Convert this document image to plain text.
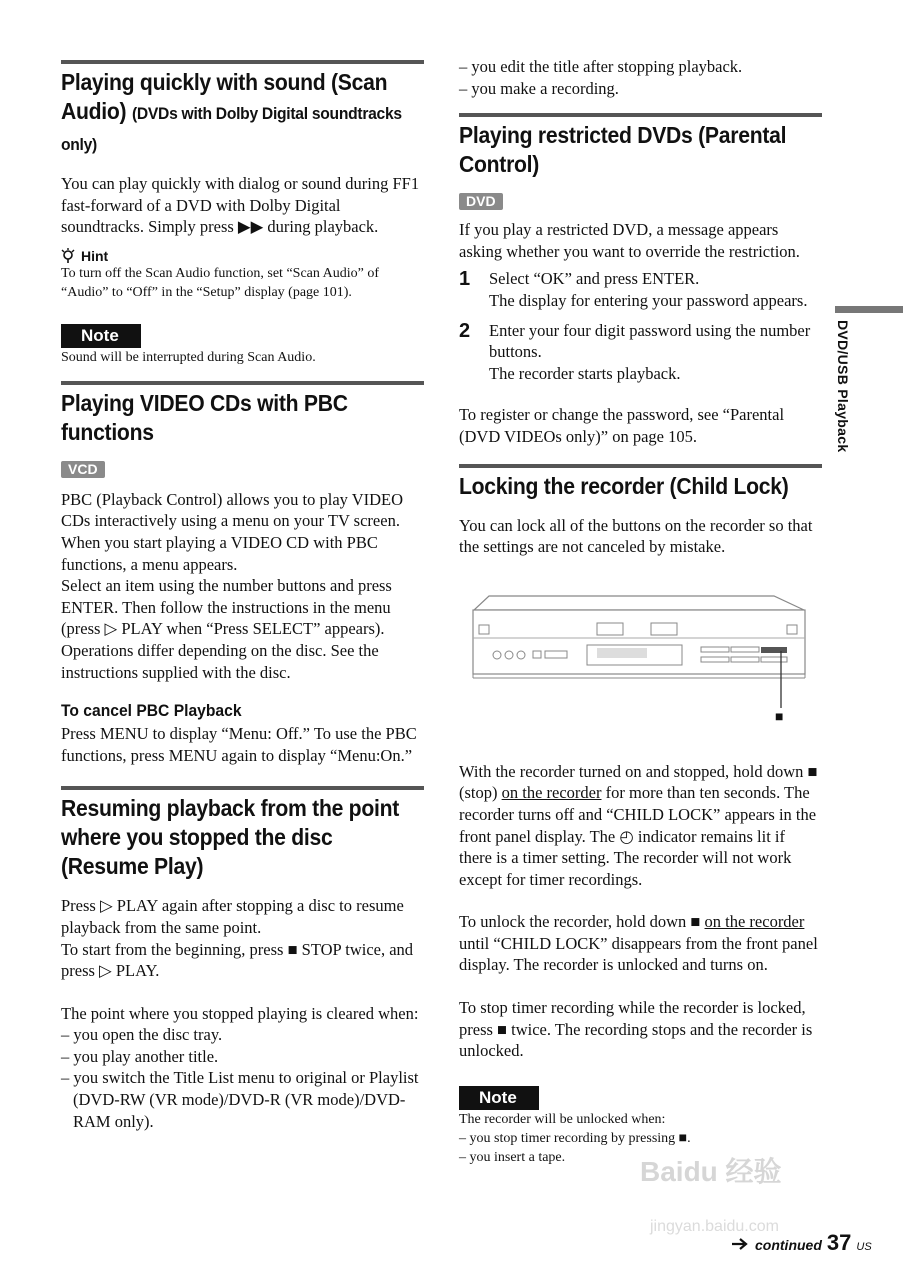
Playing quickly with sound (Scan Audio) (DVDs with Dolby Digital soundtracks only)

You can play quickly with dialog or sound during FF1 fast-forward of a DVD with Dolby Digital soundtracks. Simply press ▶▶ during playback.

Hint

To turn off the Scan Audio function, set “Scan Audio” of “Audio” to “Off” in the “Setup” display (page 101).

Note

Sound will be interrupted during Scan Audio.

Playing VIDEO CDs with PBC functions
VCD

PBC (Playback Control) allows you to play VIDEO CDs interactively using a menu on your TV screen.

When you start playing a VIDEO CD with PBC functions, a menu appears.

Select an item using the number buttons and press ENTER. Then follow the instructions in the menu (press ▷ PLAY when “Press SELECT” appears).

Operations differ depending on the disc. See the instructions supplied with the disc.

To cancel PBC Playback

Press MENU to display “Menu: Off.” To use the PBC functions, press MENU again to display “Menu:On.”

Resuming playback from the point where you stopped the disc (Resume Play)

Press ▷ PLAY again after stopping a disc to resume playback from the same point.

To start from the beginning, press ■ STOP twice, and press ▷ PLAY.

The point where you stopped playing is cleared when:

– you open the disc tray.

– you play another title.

– you switch the Title List menu to original or Playlist (DVD-RW (VR mode)/DVD-R (VR mode)/DVD-RAM only).

– you edit the title after stopping playback.

– you make a recording.

Playing restricted DVDs (Parental Control)
DVD

If you play a restricted DVD, a message appears asking whether you want to override the restriction.

1 Select “OK” and press ENTER.

The display for entering your password appears.

2 Enter your four digit password using the number buttons.

The recorder starts playback.

To register or change the password, see “Parental (DVD VIDEOs only)” on page 105.

Locking the recorder (Child Lock)

You can lock all of the buttons on the recorder so that the settings are not canceled by mistake.

■

With the recorder turned on and stopped, hold down ■ (stop) on the recorder for more than ten seconds. The recorder turns off and “CHILD LOCK” appears in the front panel display. The ◴ indicator remains lit if there is a timer setting. The recorder will not work except for timer recordings.

To unlock the recorder, hold down ■ on the recorder until “CHILD LOCK” disappears from the front panel display. The recorder is unlocked and turns on.

To stop timer recording while the recorder is locked, press ■ twice. The recording stops and the recorder is unlocked.

Note

The recorder will be unlocked when:

– you stop timer recording by pressing ■.

– you insert a tape.

DVD/USB Playback
Baidu 经验
jingyan.baidu.com
continued 37 US
